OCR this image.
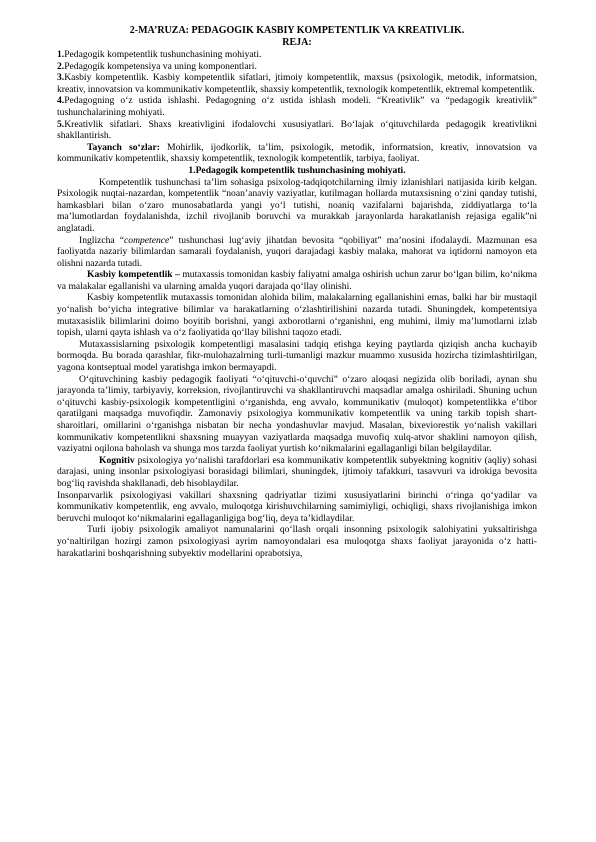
2-MA’RUZA: PEDAGOGIK KASBIY KOMPETENTLIK VA KREATIVLIK.
REJA:

1.Pedagogik kompetentlik tushunchasining mohiyati.

2.Pedagogik kompetensiya va uning komponentlari.

3.Kasbiy kompetentlik. Kasbiy kompetentlik sifatlari, jtimoiy kompetentlik, maxsus (psixologik, metodik, informatsion, kreativ, innovatsion va kommunikativ kompetentlik, shaxsiy kompetentlik, texnologik kompetentlik, ektremal kompetentlik.

4.Pedagogning o‘z ustida ishlashi. Pedagogning o‘z ustida ishlash modeli. “Kreativlik” va “pedagogik kreativlik” tushunchalarining mohiyati.

5.Kreativlik sifatlari. Shaxs kreativligini ifodalovchi xususiyatlari. Bo‘lajak o‘qituvchilarda pedagogik kreativlikni shakllantirish.

Tayanch so‘zlar: Mohirlik, ijodkorlik, ta’lim, psixologik, metodik, informatsion, kreativ, innovatsion va kommunikativ kompetentlik, shaxsiy kompetentlik, texnologik kompetentlik, tarbiya, faoliyat.

1.Pedagogik kompetentlik tushunchasining mohiyati.

Kompetentlik tushunchasi ta’lim sohasiga psixolog-tadqiqotchilarning ilmiy izlanishlari natijasida kirib kelgan. Psixologik nuqtai-nazardan, kompetentlik “noan’anaviy vaziyatlar, kutilmagan hollarda mutaxsisning o‘zini qanday tutishi, hamkasblari bilan o‘zaro munosabatlarda yangi yo‘l tutishi, noaniq vazifalarni bajarishda, ziddiyatlarga to‘la ma’lumotlardan foydalanishda, izchil rivojlanib boruvchi va murakkab jarayonlarda harakatlanish rejasiga egalik”ni anglatadi.

Inglizcha “competence” tushunchasi lug‘aviy jihatdan bevosita “qobiliyat” ma’nosini ifodalaydi. Mazmunan esa faoliyatda nazariy bilimlardan samarali foydalanish, yuqori darajadagi kasbiy malaka, mahorat va iqtidorni namoyon eta olishni nazarda tutadi.

Kasbiy kompetentlik – mutaxassis tomonidan kasbiy faliyatni amalga oshirish uchun zarur bo‘lgan bilim, ko‘nikma va malakalar egallanishi va ularning amalda yuqori darajada qo‘llay olinishi.

Kasbiy kompetentlik mutaxassis tomonidan alohida bilim, malakalarning egallanishini emas, balki har bir mustaqil yo‘nalish bo‘yicha integrative bilimlar va harakatlarning o‘zlashtirilishini nazarda tutadi. Shuningdek, kompetentsiya mutaxasislik bilimlarini doimo boyitib borishni, yangi axborotlarni o‘rganishni, eng muhimi, ilmiy ma’lumotlarni izlab topish, ularni qayta ishlash va o‘z faoliyatida qo‘llay bilishni taqozo etadi.

Mutaxassislarning psixologik kompetentligi masalasini tadqiq etishga keying paytlarda qiziqish ancha kuchayib bormoqda. Bu borada qarashlar, fikr-mulohazalrning turli-tumanligi mazkur muammo xususida hozircha tizimlashtirilgan, yagona kontseptual model yaratishga imkon bermayapdi.

O‘qituvchining kasbiy pedagogik faoliyati “o‘qituvchi-o‘quvchi” o‘zaro aloqasi negizida olib boriladi, aynan shu jarayonda ta’limiy, tarbiyaviy, korreksion, rivojlantiruvchi va shakllantiruvchi maqsadlar amalga oshiriladi. Shuning uchun o‘qituvchi kasbiy-psixologik kompetentligini o‘rganishda, eng avvalo, kommunikativ (muloqot) kompetentlikka e’tibor qaratilgani maqsadga muvofiqdir. Zamonaviy psixologiya kommunikativ kompetentlik va uning tarkib topish shart-sharoitlari, omillarini o‘rganishga nisbatan bir necha yondashuvlar mavjud. Masalan, bixeviorestik yo‘nalish vakillari kommunikativ kompetentlikni shaxsning muayyan vaziyatlarda maqsadga muvofiq xulq-atvor shaklini namoyon qilish, vaziyatni oqilona baholash va shunga mos tarzda faoliyat yurtish ko‘nikmalarini egallaganligi bilan belgilaydilar.

Kognitiv psixologiya yo‘nalishi tarafdorlari esa kommunikativ kompetentlik subyektning kognitiv (aqliy) sohasi darajasi, uning insonlar psixologiyasi borasidagi bilimlari, shuningdek, ijtimoiy tafakkuri, tasavvuri va idrokiga bevosita bog‘liq ravishda shakllanadi, deb hisoblaydilar.

Insonparvarlik psixologiyasi vakillari shaxsning qadriyatlar tizimi xususiyatlarini birinchi o‘ringa qo‘yadilar va kommunikativ kompetentlik, eng avvalo, muloqotga kirishuvchilarning samimiyligi, ochiqligi, shaxs rivojlanishiga imkon beruvchi muloqot ko‘nikmalarini egallaganligiga bog‘liq, deya ta’kidlaydilar.

Turli ijobiy psixologik amaliyot namunalarini qo‘llash orqali insonning psixologik salohiyatini yuksaltirishga yo‘naltirilgan hozirgi zamon psixologiyasi ayrim namoyondalari esa muloqotga shaxs faoliyat jarayonida o‘z hatti-harakatlarini boshqarishning subyektiv modellarini oprabotsiya,
